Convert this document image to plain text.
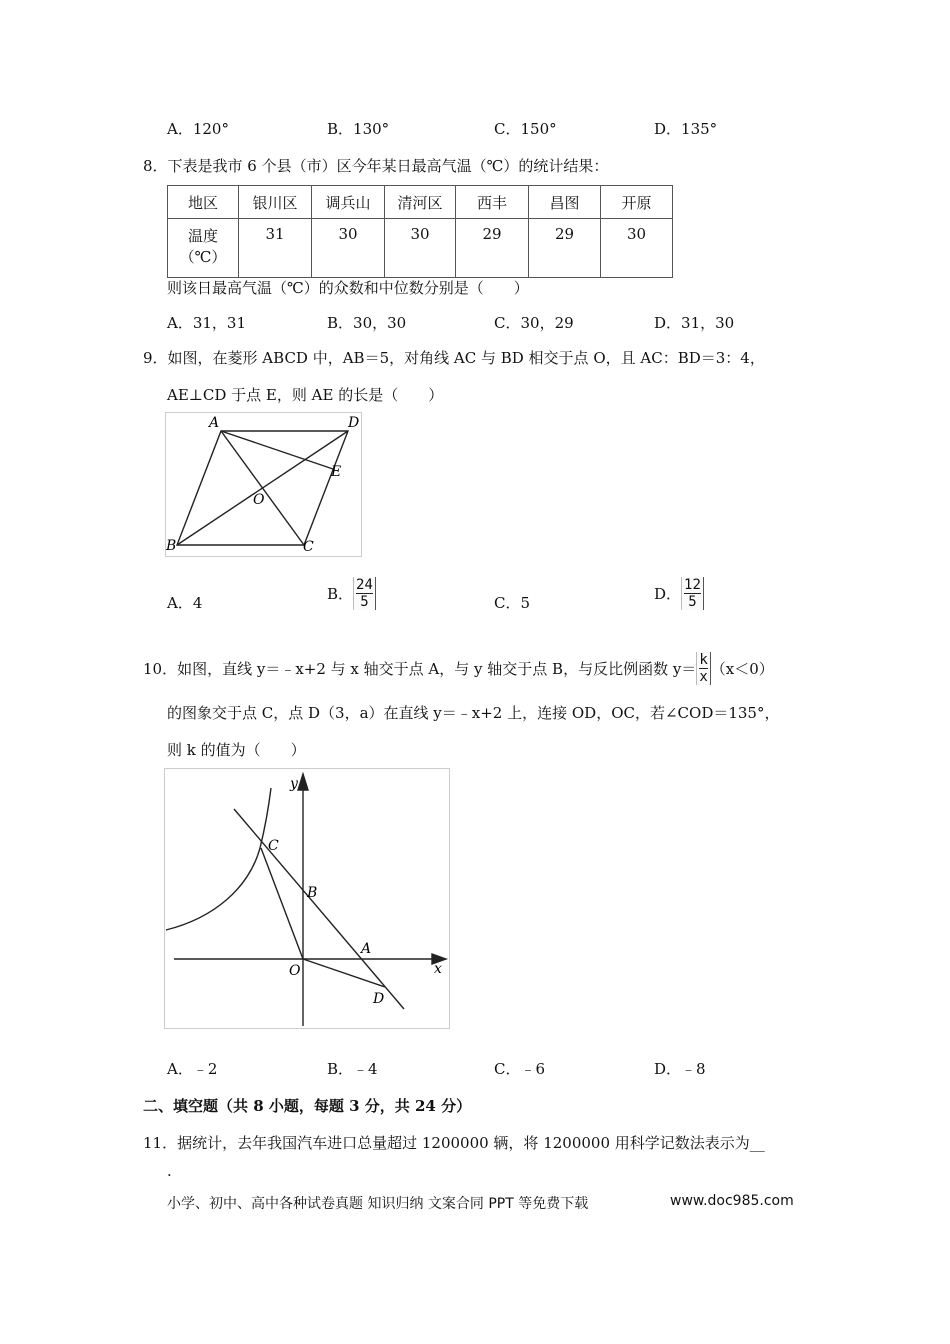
A．120°	B．130°	C．150°	D．135°
8．下表是我市 6 个县（市）区今年某日最高气温（℃）的统计结果：
地区	银川区	调兵山	清河区	西丰	昌图	开原
温度
（℃）	31	30	30	29	29	30
则该日最高气温（℃）的众数和中位数分别是（　　）
A．31，31	B．30，30	C．30，29	D．31，30
9．如图，在菱形 ABCD 中，AB＝5，对角线 AC 与 BD 相交于点 O，且 AC：BD＝3：4，
AE⊥CD 于点 E，则 AE 的长是（　　）
A	D
E
O
B	C
A．4	B． $\frac{24}{5}$	C．5	D． $\frac{12}{5}$
10．如图，直线 y＝﹣x+2 与 x 轴交于点 A，与 y 轴交于点 B，与反比例函数 $y= \frac{k}{x} (x<0)$
的图象交于点 C，点 D（3，a）在直线 y＝﹣x+2 上，连接 OD，OC，若∠COD＝135°，
则 k 的值为（　　）
y
x
C
B
A
O
D
A．﹣2	B．﹣4	C．﹣6	D．﹣8
二、填空题（共 8 小题，每题 3 分，共 24 分）
11．据统计，去年我国汽车进口总量超过 1200000 辆，将 1200000 用科学记数法表示为__
.
小学、初中、高中各种试卷真题 知识归纳 文案合同 PPT 等免费下载	www.doc985.com
